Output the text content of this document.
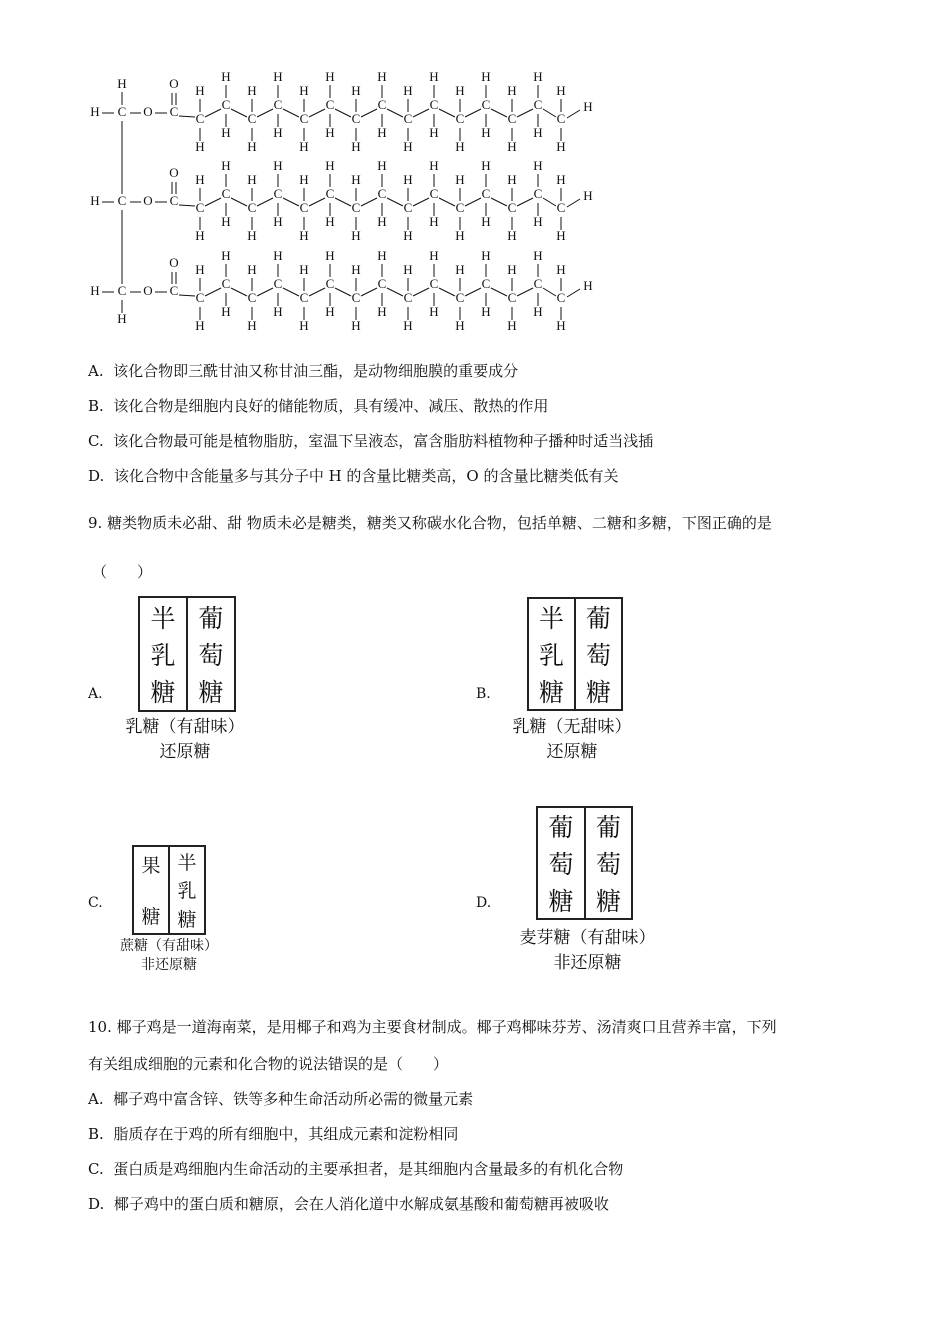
H C O C
O
C
H
H
C
H
H
C
H
H
C
H
H
C
H
H
C
H
H
C
H
H
C
H
H
C
H
H
C
H
H
C
H
H
C
H
H
C
H
H
C
H
H
C
H
H
H
H
H C O C
O
C
H
H
C
H
H
C
H
H
C
H
H
C
H
H
C
H
H
C
H
H
C
H
H
C
H
H
C
H
H
C
H
H
C
H
H
C
H
H
C
H
H
C
H
H
H
H C O C
O
C
H
H
C
H
H
C
H
H
C
H
H
C
H
H
C
H
H
C
H
H
C
H
H
C
H
H
C
H
H
C
H
H
C
H
H
C
H
H
C
H
H
C
H
H
H
H
A. 该化合物即三酰甘油又称甘油三酯，是动物细胞膜的重要成分
B. 该化合物是细胞内良好的储能物质，具有缓冲、减压、散热的作用
C. 该化合物最可能是植物脂肪，室温下呈液态，富含脂肪料植物种子播种时适当浅插
D. 该化合物中含能量多与其分子中 H 的含量比糖类高，O 的含量比糖类低有关
9. 糖类物质未必甜、甜 物质未必是糖类，糖类又称碳水化合物，包括单糖、二糖和多糖，下图正确的是
（　　）
A.
半
乳
糖
葡
萄
糖
乳糖（有甜味）
还原糖
B.
半
乳
糖
葡
萄
糖
乳糖（无甜味）
还原糖
C.
果
糖
半
乳
糖
蔗糖（有甜味）
非还原糖
D.
葡
萄
糖
葡
萄
糖
麦芽糖（有甜味）
非还原糖
10. 椰子鸡是一道海南菜，是用椰子和鸡为主要食材制成。椰子鸡椰味芬芳、汤清爽口且营养丰富，下列
有关组成细胞的元素和化合物的说法错误的是（　　）
A. 椰子鸡中富含锌、铁等多种生命活动所必需的微量元素
B. 脂质存在于鸡的所有细胞中，其组成元素和淀粉相同
C. 蛋白质是鸡细胞内生命活动的主要承担者，是其细胞内含量最多的有机化合物
D. 椰子鸡中的蛋白质和糖原，会在人消化道中水解成氨基酸和葡萄糖再被吸收
